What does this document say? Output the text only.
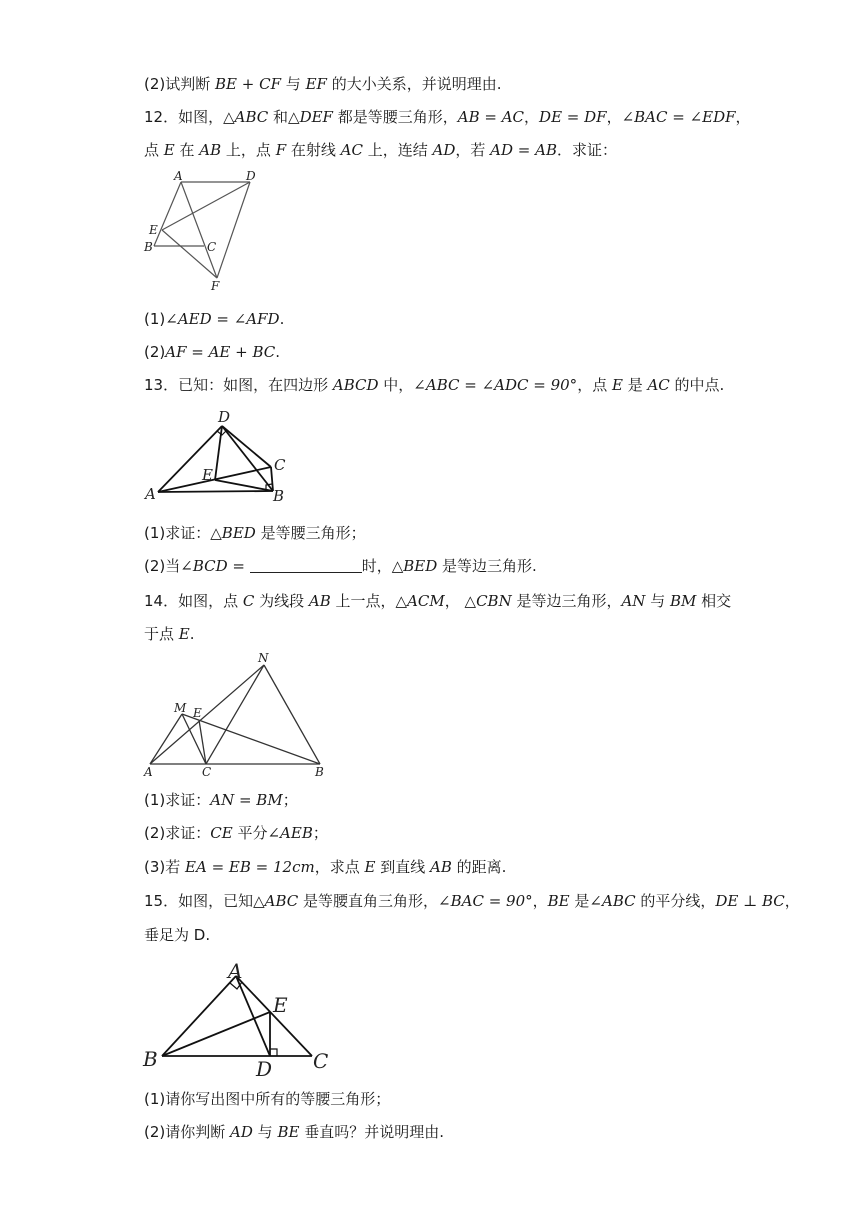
(2)试判断 BE + CF 与 EF 的大小关系，并说明理由.
12．如图，△ABC 和△DEF 都是等腰三角形，AB = AC，DE = DF，∠BAC = ∠EDF，
点 E 在 AB 上，点 F 在射线 AC 上，连结 AD，若 AD = AB．求证：
A	D
E
B	C
F
(1)∠AED = ∠AFD.
(2)AF = AE + BC.
13．已知：如图，在四边形 ABCD 中，∠ABC = ∠ADC = 90°，点 E 是 AC 的中点.
D
C
E
A	B
(1)求证：△BED 是等腰三角形；
(2)当∠BCD =	时，△BED 是等边三角形.
14．如图，点 C 为线段 AB 上一点，△ACM， △CBN 是等边三角形，AN 与 BM 相交
于点 E.
N
M E
A	C	B
(1)求证：AN = BM；
(2)求证：CE 平分∠AEB；
(3)若 EA = EB = 12cm，求点 E 到直线 AB 的距离.
15．如图，已知△ABC 是等腰直角三角形，∠BAC = 90°，BE 是∠ABC 的平分线，DE ⊥ BC，
垂足为 D.
A
E
B	D C
(1)请你写出图中所有的等腰三角形；
(2)请你判断 AD 与 BE 垂直吗？并说明理由.
